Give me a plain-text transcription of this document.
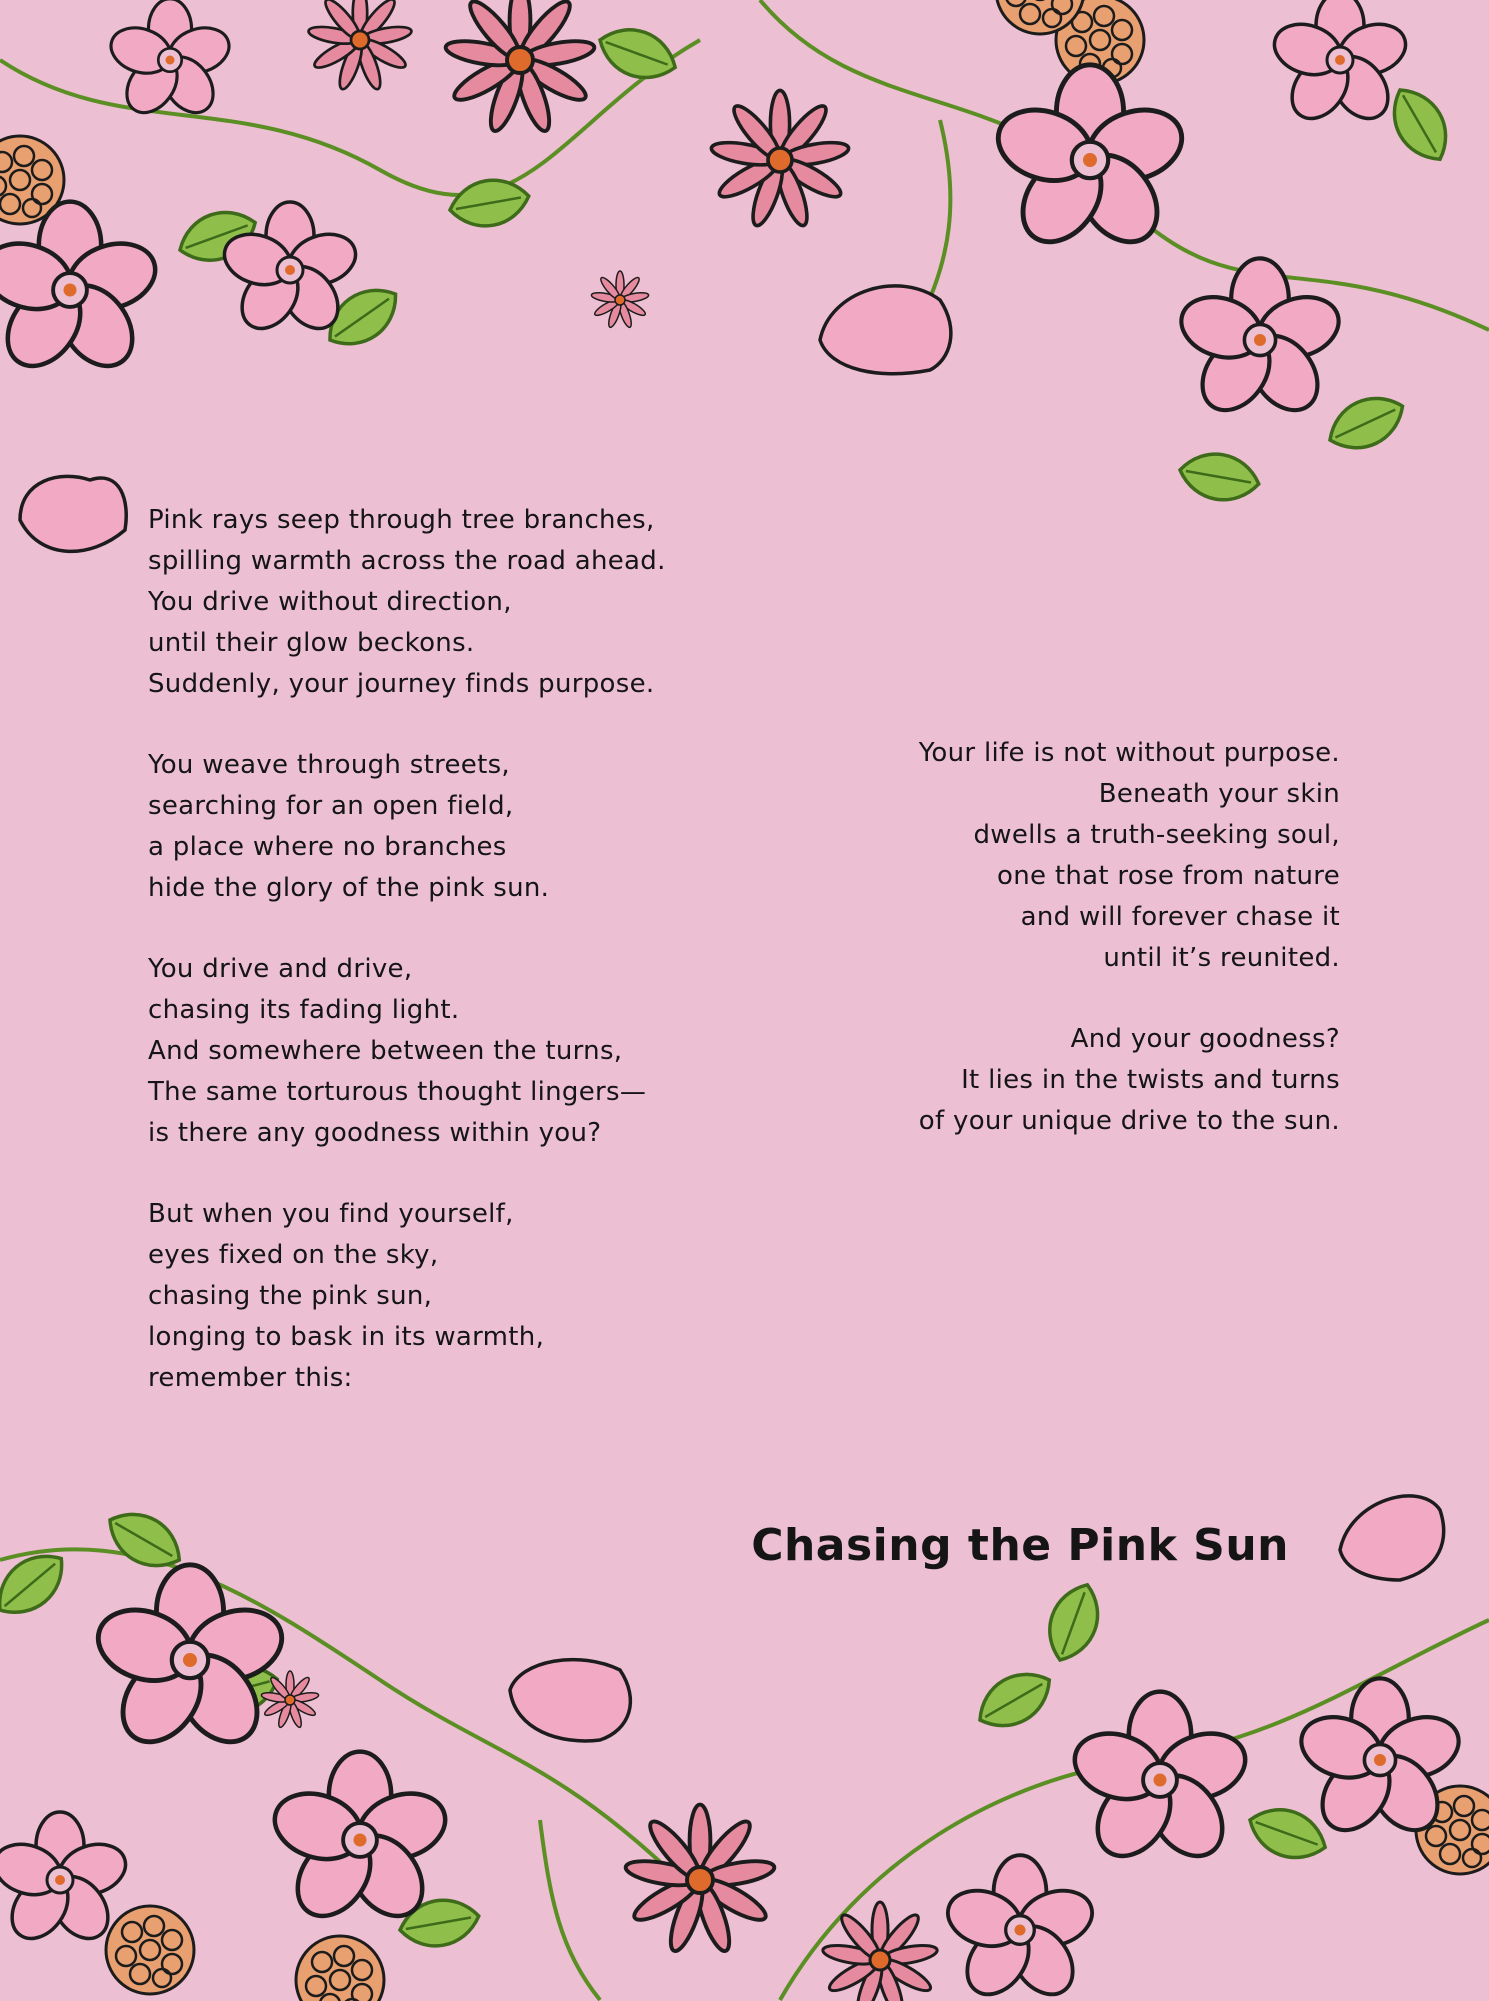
Pink rays seep through tree branches,
spilling warmth across the road ahead.
You drive without direction,
until their glow beckons.
Suddenly, your journey finds purpose.
You weave through streets,
searching for an open field,
a place where no branches
hide the glory of the pink sun.
You drive and drive,
chasing its fading light.
And somewhere between the turns,
The same torturous thought lingers—
is there any goodness within you?
But when you find yourself,
eyes fixed on the sky,
chasing the pink sun,
longing to bask in its warmth,
remember this:
Your life is not without purpose.
Beneath your skin
dwells a truth-seeking soul,
one that rose from nature
and will forever chase it
until it’s reunited.
And your goodness?
It lies in the twists and turns
of your unique drive to the sun.
Chasing the Pink Sun
